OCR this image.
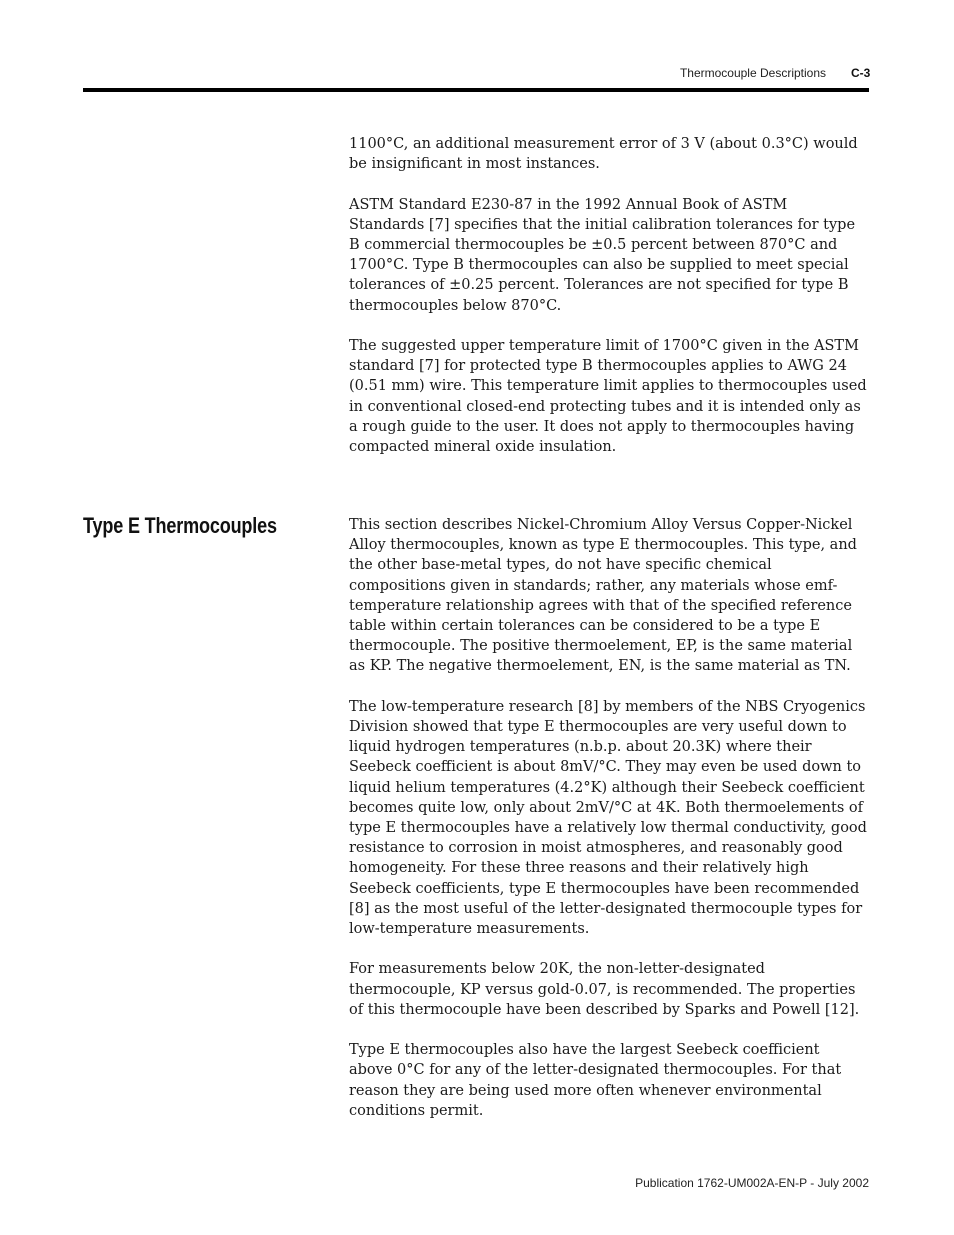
Thermocouple Descriptions C-3

1100°C, an additional measurement error of 3 V (about 0.3°C) would be insignificant in most instances.

ASTM Standard E230-87 in the 1992 Annual Book of ASTM Standards [7] specifies that the initial calibration tolerances for type B commercial thermocouples be ±0.5 percent between 870°C and 1700°C. Type B thermocouples can also be supplied to meet special tolerances of ±0.25 percent. Tolerances are not specified for type B thermocouples below 870°C.

The suggested upper temperature limit of 1700°C given in the ASTM standard [7] for protected type B thermocouples applies to AWG 24 (0.51 mm) wire. This temperature limit applies to thermocouples used in conventional closed-end protecting tubes and it is intended only as a rough guide to the user. It does not apply to thermocouples having compacted mineral oxide insulation.

Type E Thermocouples	This section describes Nickel-Chromium Alloy Versus Copper-Nickel Alloy thermocouples, known as type E thermocouples. This type, and the other base-metal types, do not have specific chemical compositions given in standards; rather, any materials whose emf-temperature relationship agrees with that of the specified reference table within certain tolerances can be considered to be a type E thermocouple. The positive thermoelement, EP, is the same material as KP. The negative thermoelement, EN, is the same material as TN.

The low-temperature research [8] by members of the NBS Cryogenics Division showed that type E thermocouples are very useful down to liquid hydrogen temperatures (n.b.p. about 20.3K) where their Seebeck coefficient is about 8mV/°C. They may even be used down to liquid helium temperatures (4.2°K) although their Seebeck coefficient becomes quite low, only about 2mV/°C at 4K. Both thermoelements of type E thermocouples have a relatively low thermal conductivity, good resistance to corrosion in moist atmospheres, and reasonably good homogeneity. For these three reasons and their relatively high Seebeck coefficients, type E thermocouples have been recommended [8] as the most useful of the letter-designated thermocouple types for low-temperature measurements.

For measurements below 20K, the non-letter-designated thermocouple, KP versus gold-0.07, is recommended. The properties of this thermocouple have been described by Sparks and Powell [12].

Type E thermocouples also have the largest Seebeck coefficient above 0°C for any of the letter-designated thermocouples. For that reason they are being used more often whenever environmental conditions permit.

Publication 1762-UM002A-EN-P - July 2002
